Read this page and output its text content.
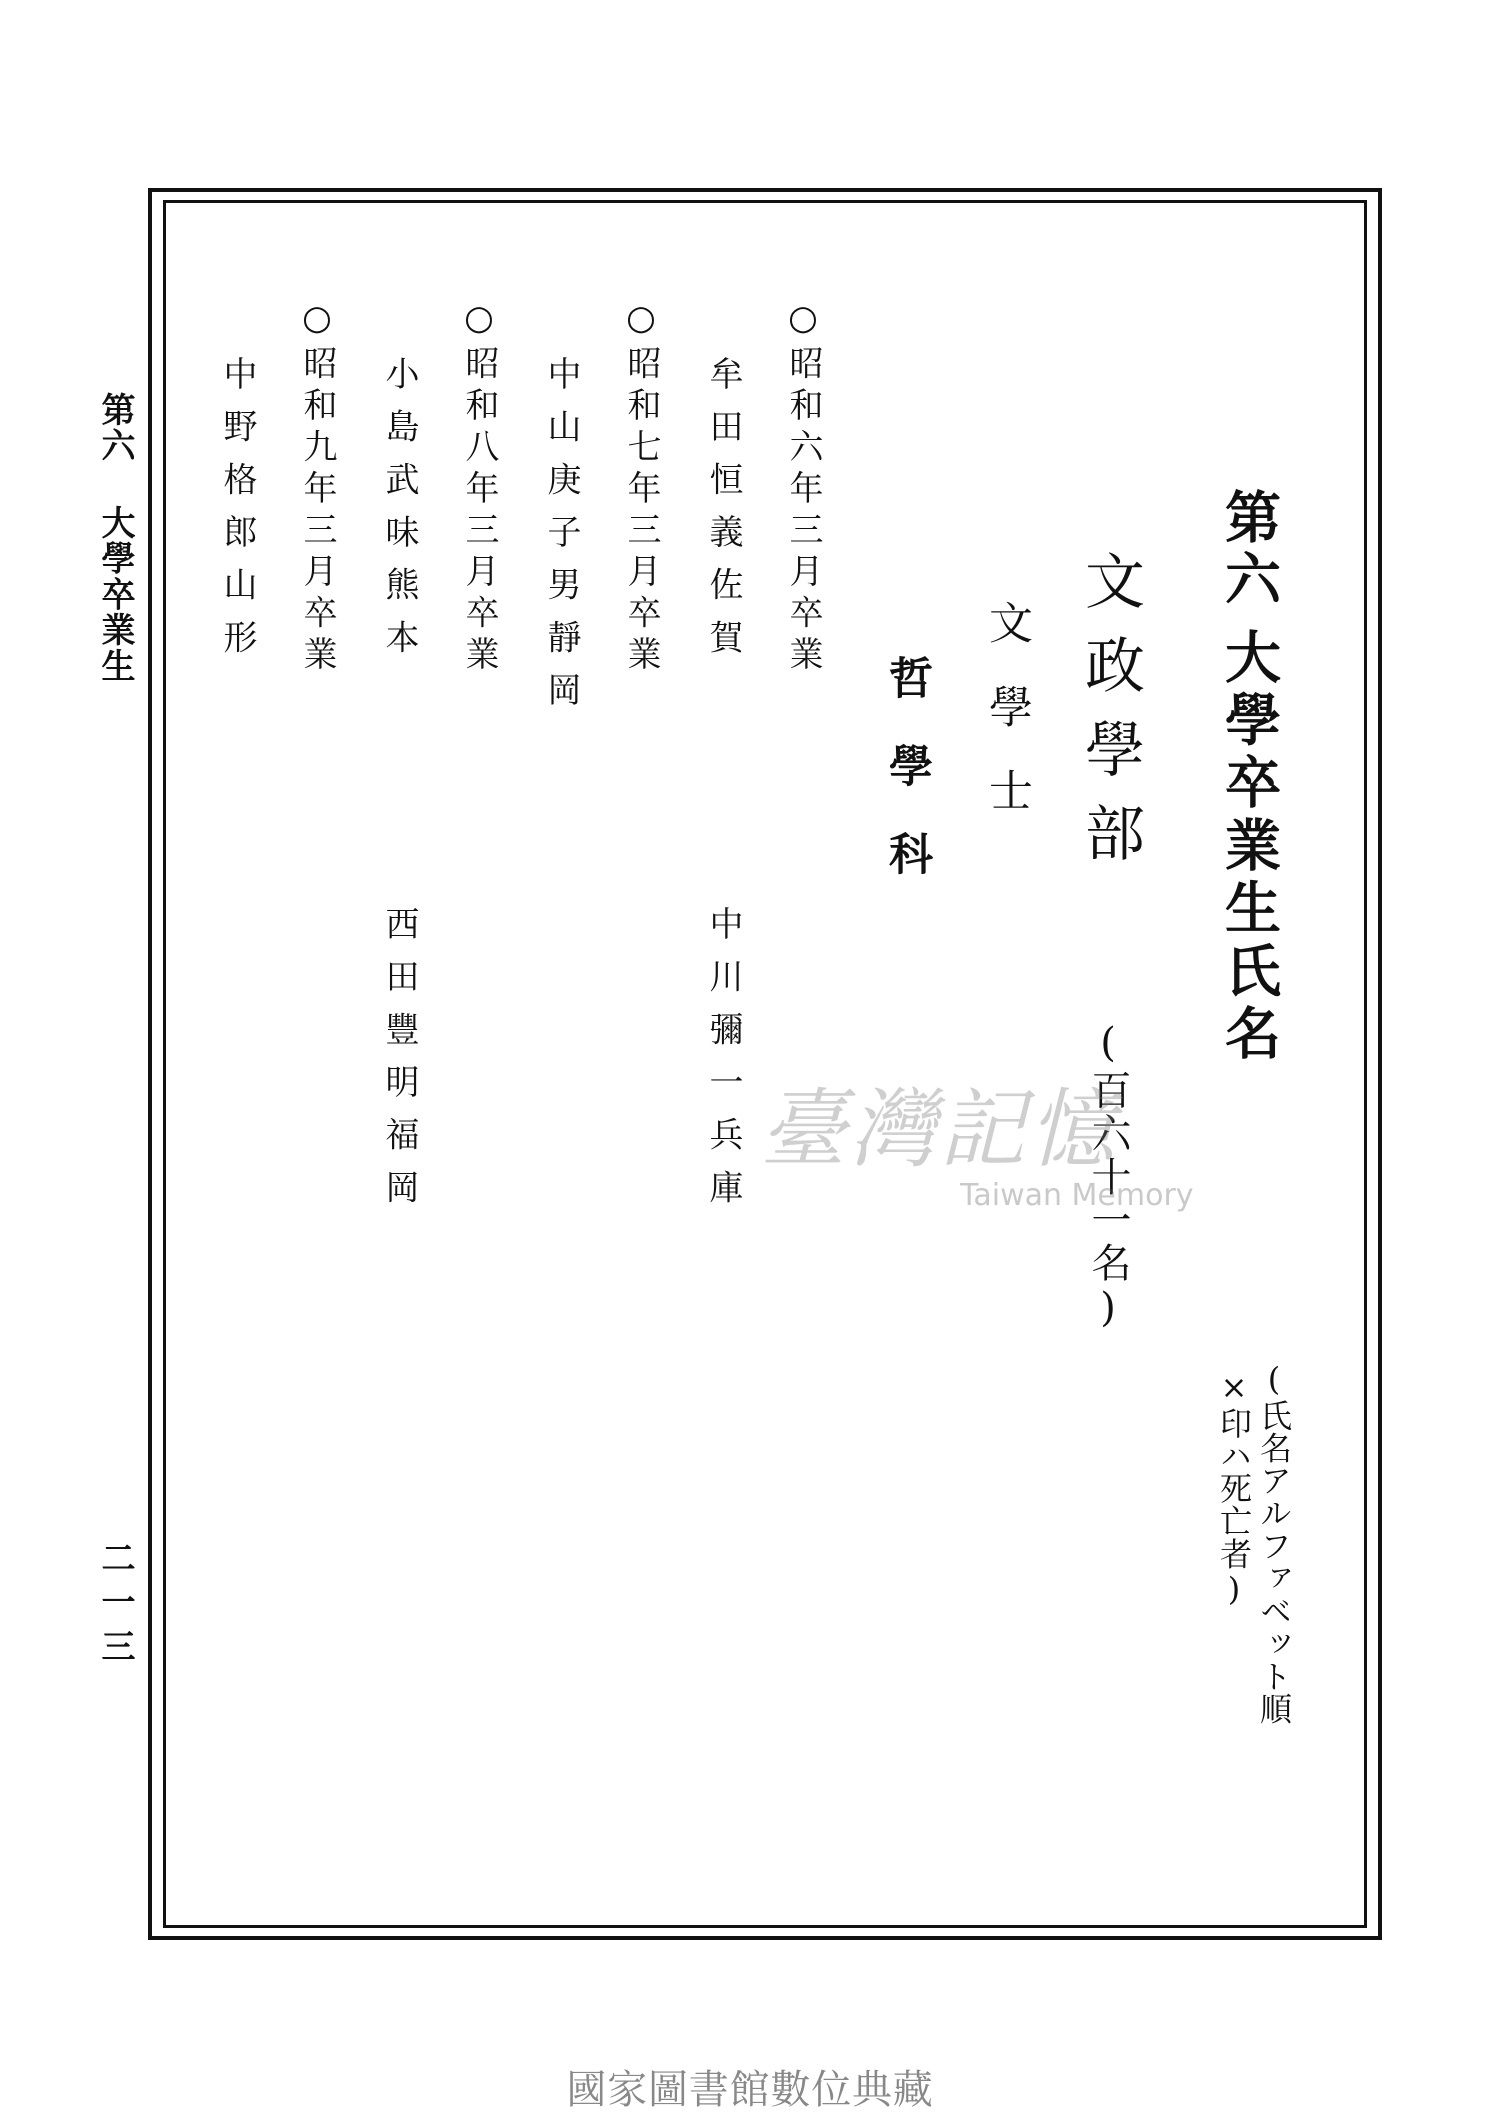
第六 大學卒業生
二一三
第六
大學卒業生氏名
文政學部
(百六十一名)
文學士
哲學科
(氏名アルファベット順
×印ハ死亡者)
○昭和六年三月卒業
牟田恒義佐賀
中川彌一兵庫
○昭和七年三月卒業
中山庚子男靜岡
○昭和八年三月卒業
小島武味熊本
西田豐明福岡
○昭和九年三月卒業
中野格郎山形
臺灣記憶
Taiwan Memory
國家圖書館數位典藏
